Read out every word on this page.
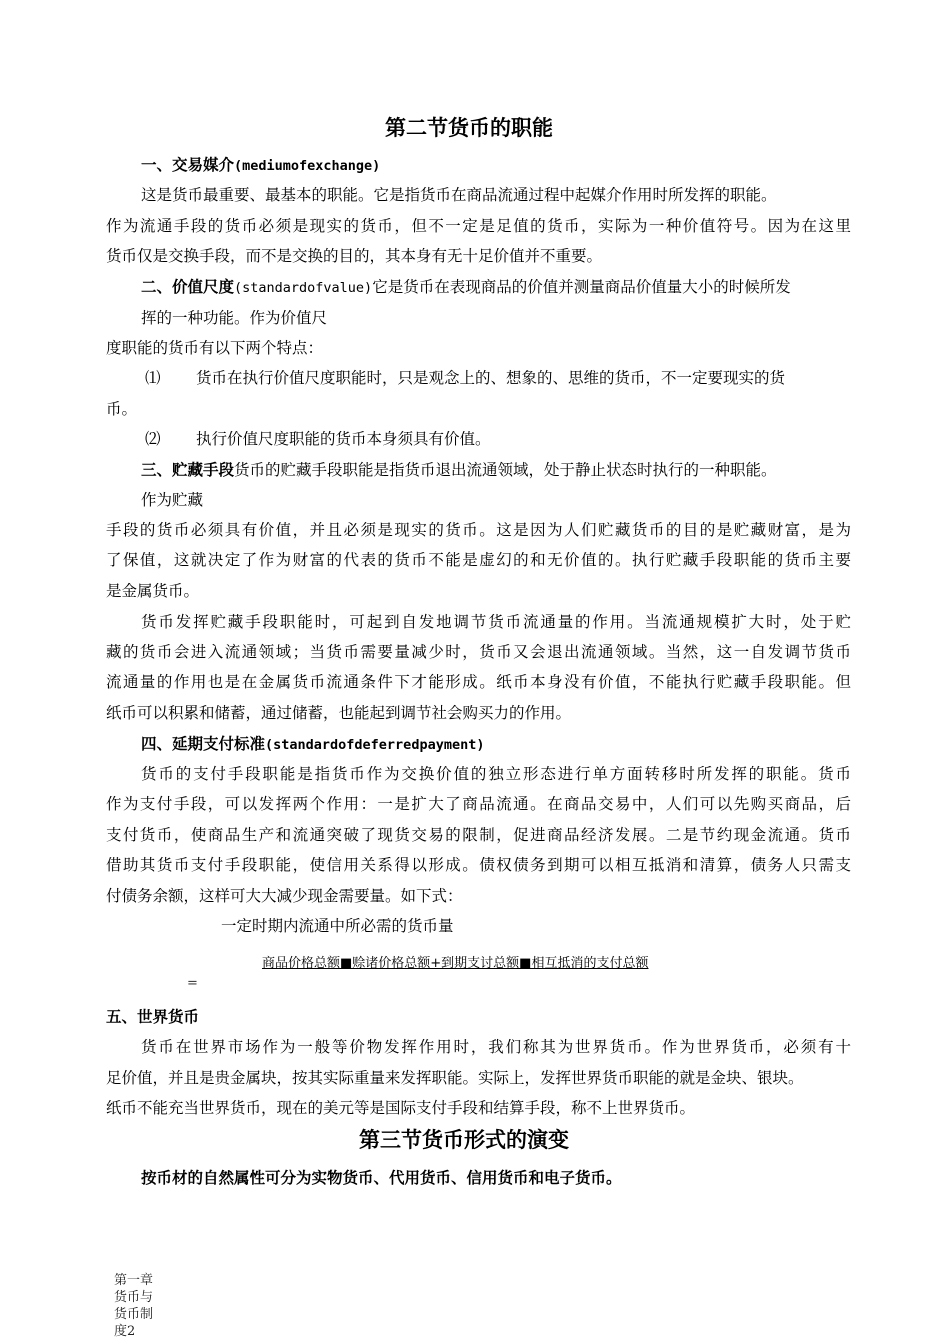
第二节货币的职能
一、交易媒介(mediumofexchange)
这是货币最重要、最基本的职能。它是指货币在商品流通过程中起媒介作用时所发挥的职能。
作为流通手段的货币必须是现实的货币，但不一定是足值的货币，实际为一种价值符号。因为在这里
货币仅是交换手段，而不是交换的目的，其本身有无十足价值并不重要。
二、价值尺度(standardofvalue)它是货币在表现商品的价值并测量商品价值量大小的时候所发
挥的一种功能。作为价值尺
度职能的货币有以下两个特点：
⑴ 货币在执行价值尺度职能时，只是观念上的、想象的、思维的货币，不一定要现实的货
币。
⑵ 执行价值尺度职能的货币本身须具有价值。
三、贮藏手段货币的贮藏手段职能是指货币退出流通领域，处于静止状态时执行的一种职能。
作为贮藏
手段的货币必须具有价值，并且必须是现实的货币。这是因为人们贮藏货币的目的是贮藏财富，是为
了保值，这就决定了作为财富的代表的货币不能是虚幻的和无价值的。执行贮藏手段职能的货币主要
是金属货币。
货币发挥贮藏手段职能时，可起到自发地调节货币流通量的作用。当流通规模扩大时，处于贮
藏的货币会进入流通领域；当货币需要量减少时，货币又会退出流通领域。当然，这一自发调节货币
流通量的作用也是在金属货币流通条件下才能形成。纸币本身没有价值，不能执行贮藏手段职能。但
纸币可以积累和储蓄，通过储蓄，也能起到调节社会购买力的作用。
四、延期支付标准(standardofdeferredpayment)
货币的支付手段职能是指货币作为交换价值的独立形态进行单方面转移时所发挥的职能。货币
作为支付手段，可以发挥两个作用：一是扩大了商品流通。在商品交易中，人们可以先购买商品，后
支付货币，使商品生产和流通突破了现货交易的限制，促进商品经济发展。二是节约现金流通。货币
借助其货币支付手段职能，使信用关系得以形成。债权债务到期可以相互抵消和清算，债务人只需支
付债务余额，这样可大大减少现金需要量。如下式：
一定时期内流通中所必需的货币量
商品价格总额■赊诸价格总额+到期支讨总额■相互抵消的支付总额
=
五、世界货币
货币在世界市场作为一般等价物发挥作用时，我们称其为世界货币。作为世界货币，必须有十
足价值，并且是贵金属块，按其实际重量来发挥职能。实际上，发挥世界货币职能的就是金块、银块。
纸币不能充当世界货币，现在的美元等是国际支付手段和结算手段，称不上世界货币。
第三节货币形式的演变
按币材的自然属性可分为实物货币、代用货币、信用货币和电子货币。
第一章货币与货币制度2
